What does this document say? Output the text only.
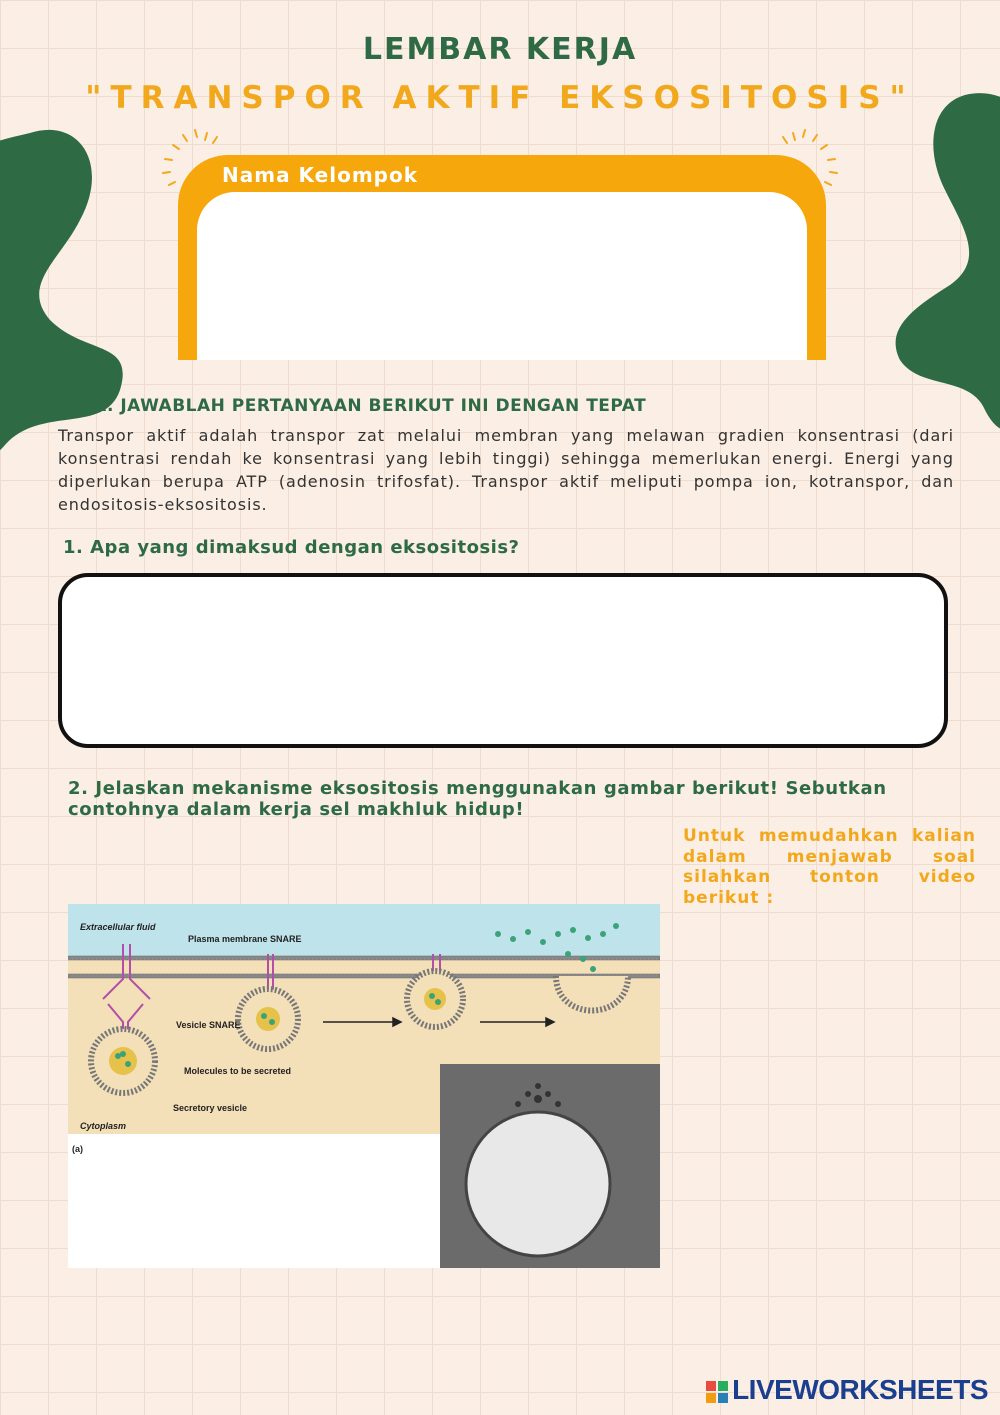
LEMBAR KERJA
"TRANSPOR AKTIF EKSOSITOSIS"
Nama Kelompok
A. JAWABLAH PERTANYAAN BERIKUT INI DENGAN TEPAT
Transpor aktif adalah transpor zat melalui membran yang melawan gradien konsentrasi (dari konsentrasi rendah ke konsentrasi yang lebih tinggi) sehingga memerlukan energi. Energi yang diperlukan berupa ATP (adenosin trifosfat). Transpor aktif meliputi pompa ion, kotranspor, dan endositosis-eksositosis.
1. Apa yang dimaksud dengan eksositosis?
2. Jelaskan mekanisme eksositosis menggunakan gambar berikut! Sebutkan contohnya dalam kerja sel makhluk hidup!
Untuk memudahkan kalian dalam menjawab soal silahkan tonton video berikut :
Extracellular fluid
Plasma membrane SNARE
Vesicle SNARE
Molecules to be secreted
Secretory vesicle
Cytoplasm
(a)
LIVEWORKSHEETS
